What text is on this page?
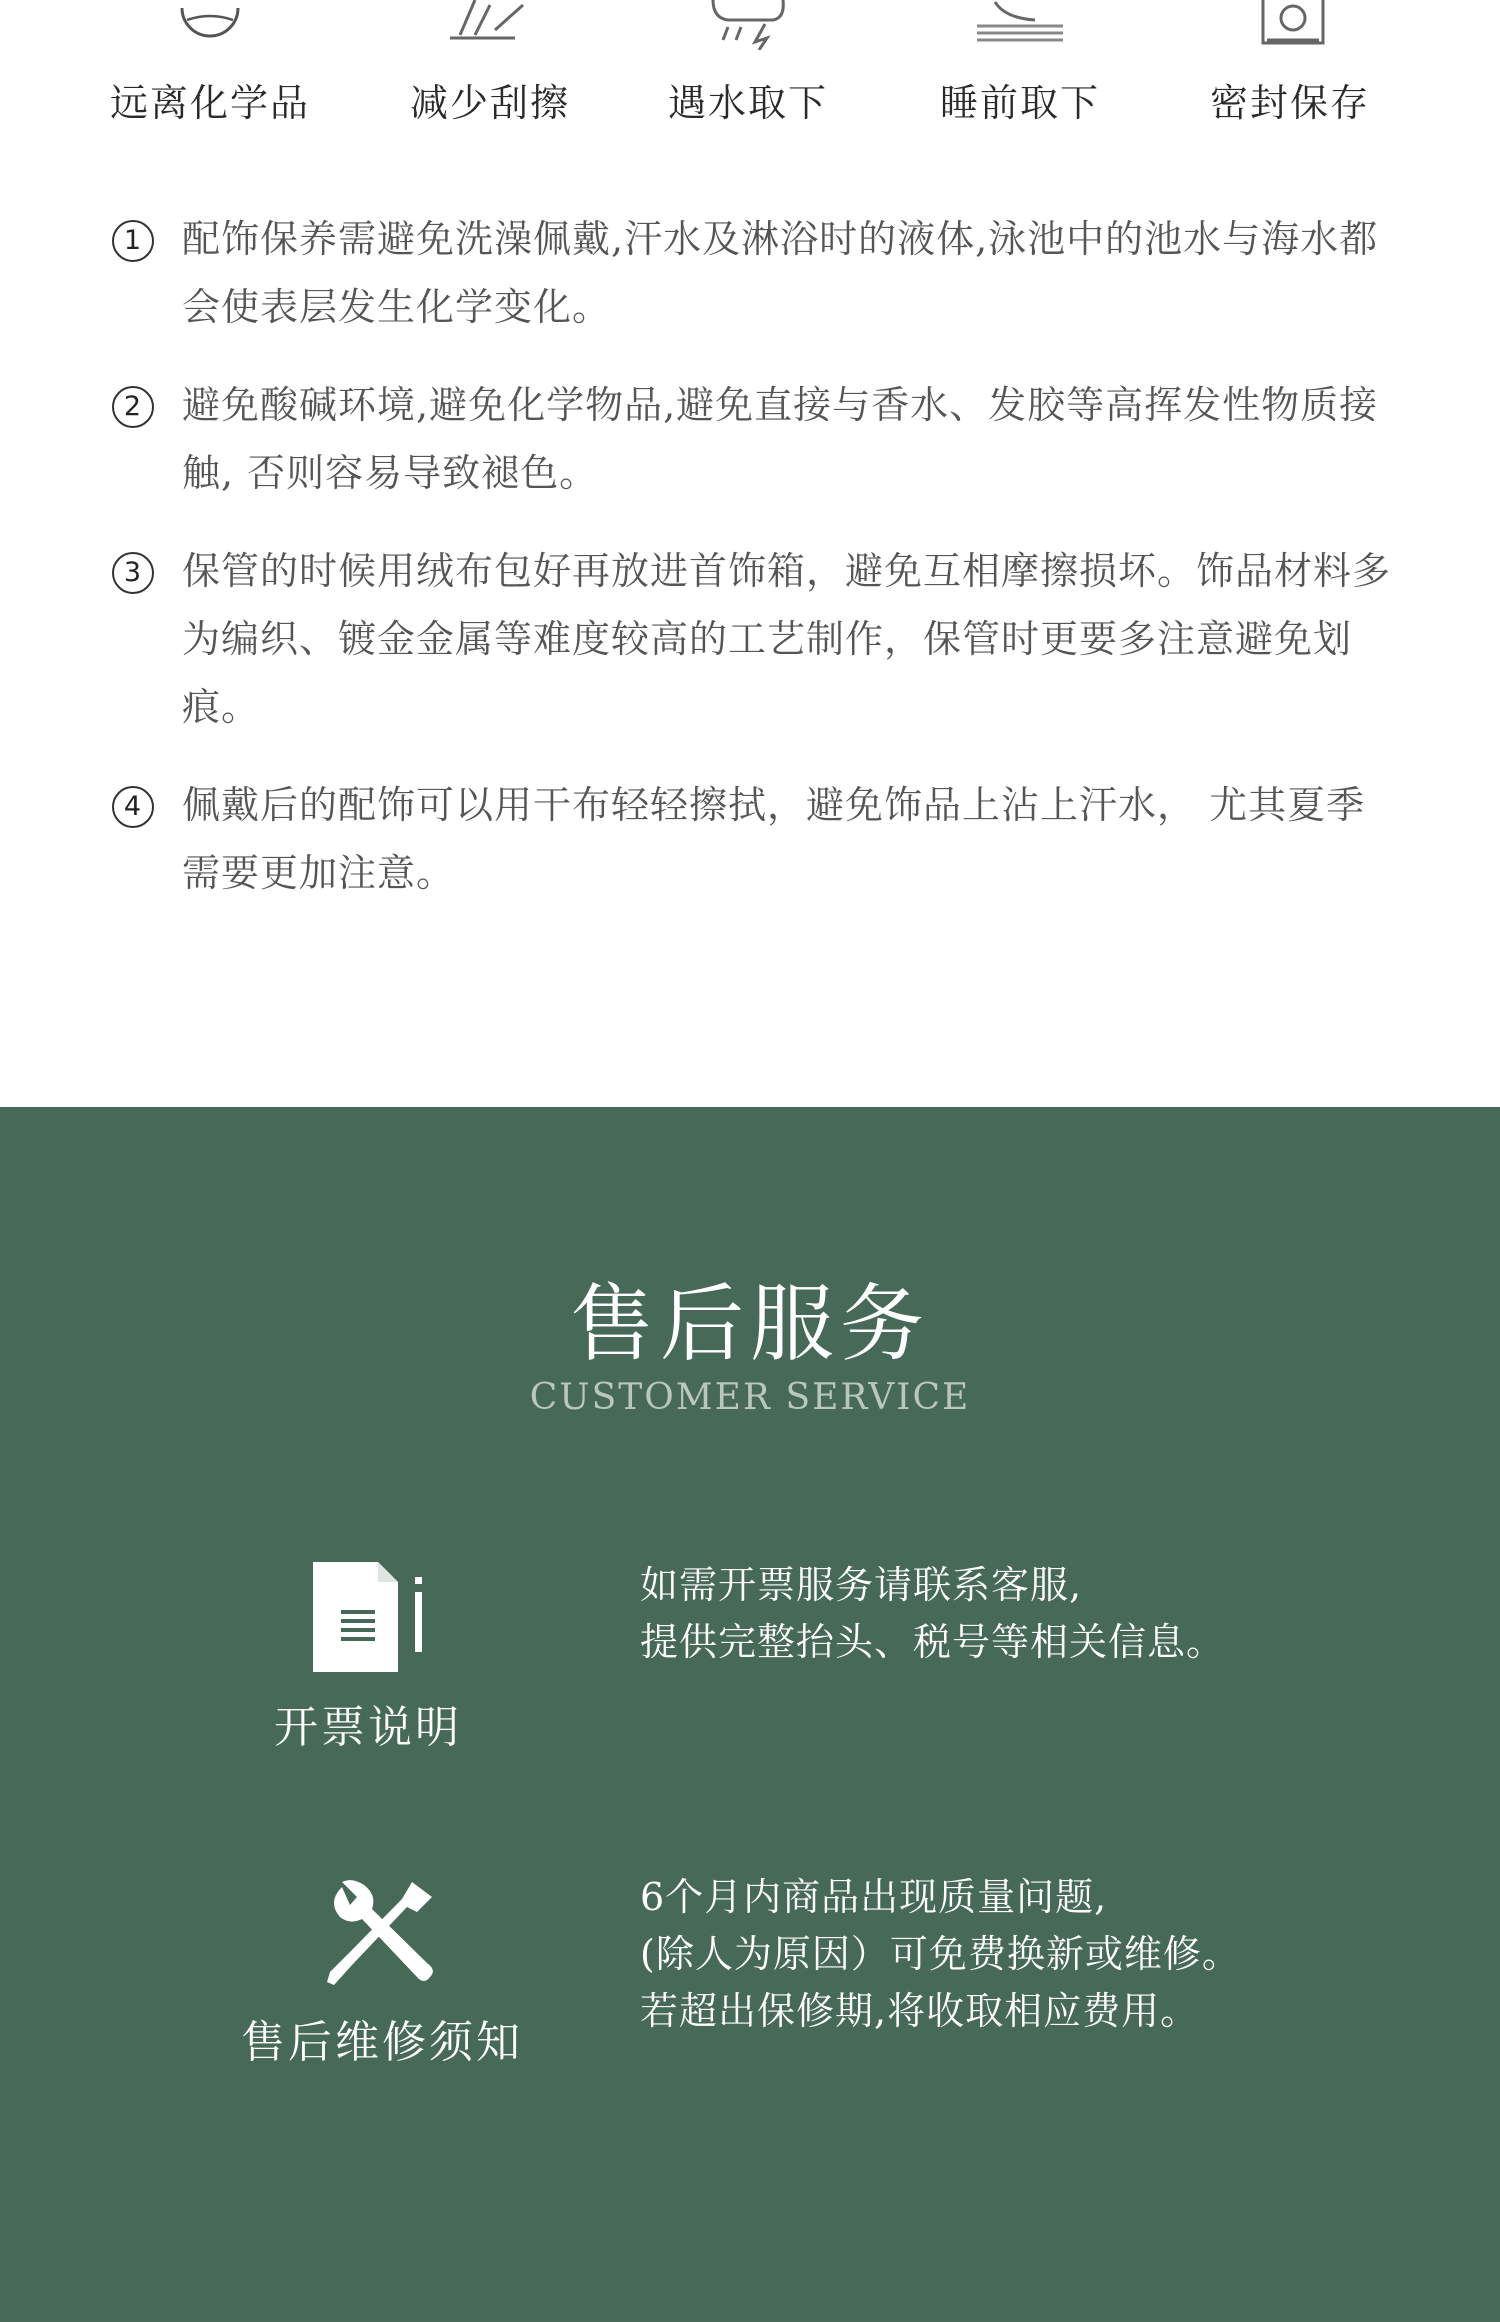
远离化学品	减少刮擦	遇水取下	睡前取下	密封保存
1	配饰保养需避免洗澡佩戴,汗水及淋浴时的液体,泳池中的池水与海水都会使表层发生化学变化。
2	避免酸碱环境,避免化学物品,避免直接与香水、发胶等高挥发性物质接触, 否则容易导致褪色。
3	保管的时候用绒布包好再放进首饰箱，避免互相摩擦损坏。饰品材料多为编织、镀金金属等难度较高的工艺制作，保管时更要多注意避免划痕。
4	佩戴后的配饰可以用干布轻轻擦拭，避免饰品上沾上汗水， 尤其夏季需要更加注意。
售后服务
CUSTOMER SERVICE
开票说明
如需开票服务请联系客服,
提供完整抬头、税号等相关信息。
售后维修须知
6个月内商品出现质量问题,
(除人为原因）可免费换新或维修。
若超出保修期,将收取相应费用。
